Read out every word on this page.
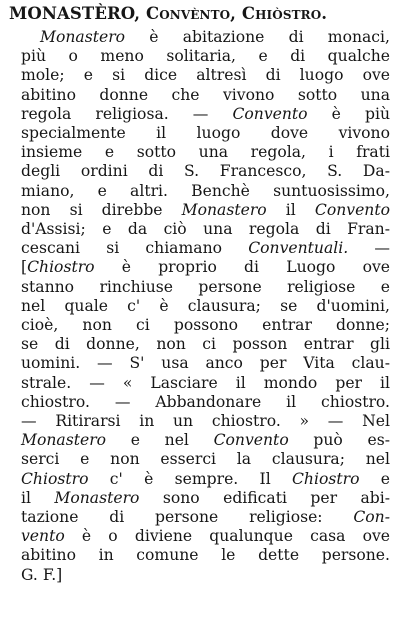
MONASTÈRO, Convènto, Chiòstro.
Monastero è abitazione di monaci,
più o meno solitaria, e di qualche
mole; e si dice altresì di luogo ove
abitino donne che vivono sotto una
regola religiosa. — Convento è più
specialmente il luogo dove vivono
insieme e sotto una regola, i frati
degli ordini di S. Francesco, S. Da-
miano, e altri. Benchè suntuosissimo,
non si direbbe Monastero il Convento
d'Assisi; e da ciò una regola di Fran-
cescani si chiamano Conventuali. —
[Chiostro è proprio di Luogo ove
stanno rinchiuse persone religiose e
nel quale c' è clausura; se d'uomini,
cioè, non ci possono entrar donne;
se di donne, non ci posson entrar gli
uomini. — S' usa anco per Vita clau-
strale. — « Lasciare il mondo per il
chiostro. — Abbandonare il chiostro.
— Ritirarsi in un chiostro. » — Nel
Monastero e nel Convento può es-
serci e non esserci la clausura; nel
Chiostro c' è sempre. Il Chiostro e
il Monastero sono edificati per abi-
tazione di persone religiose: Con-
vento è o diviene qualunque casa ove
abitino in comune le dette persone.
G. F.]
